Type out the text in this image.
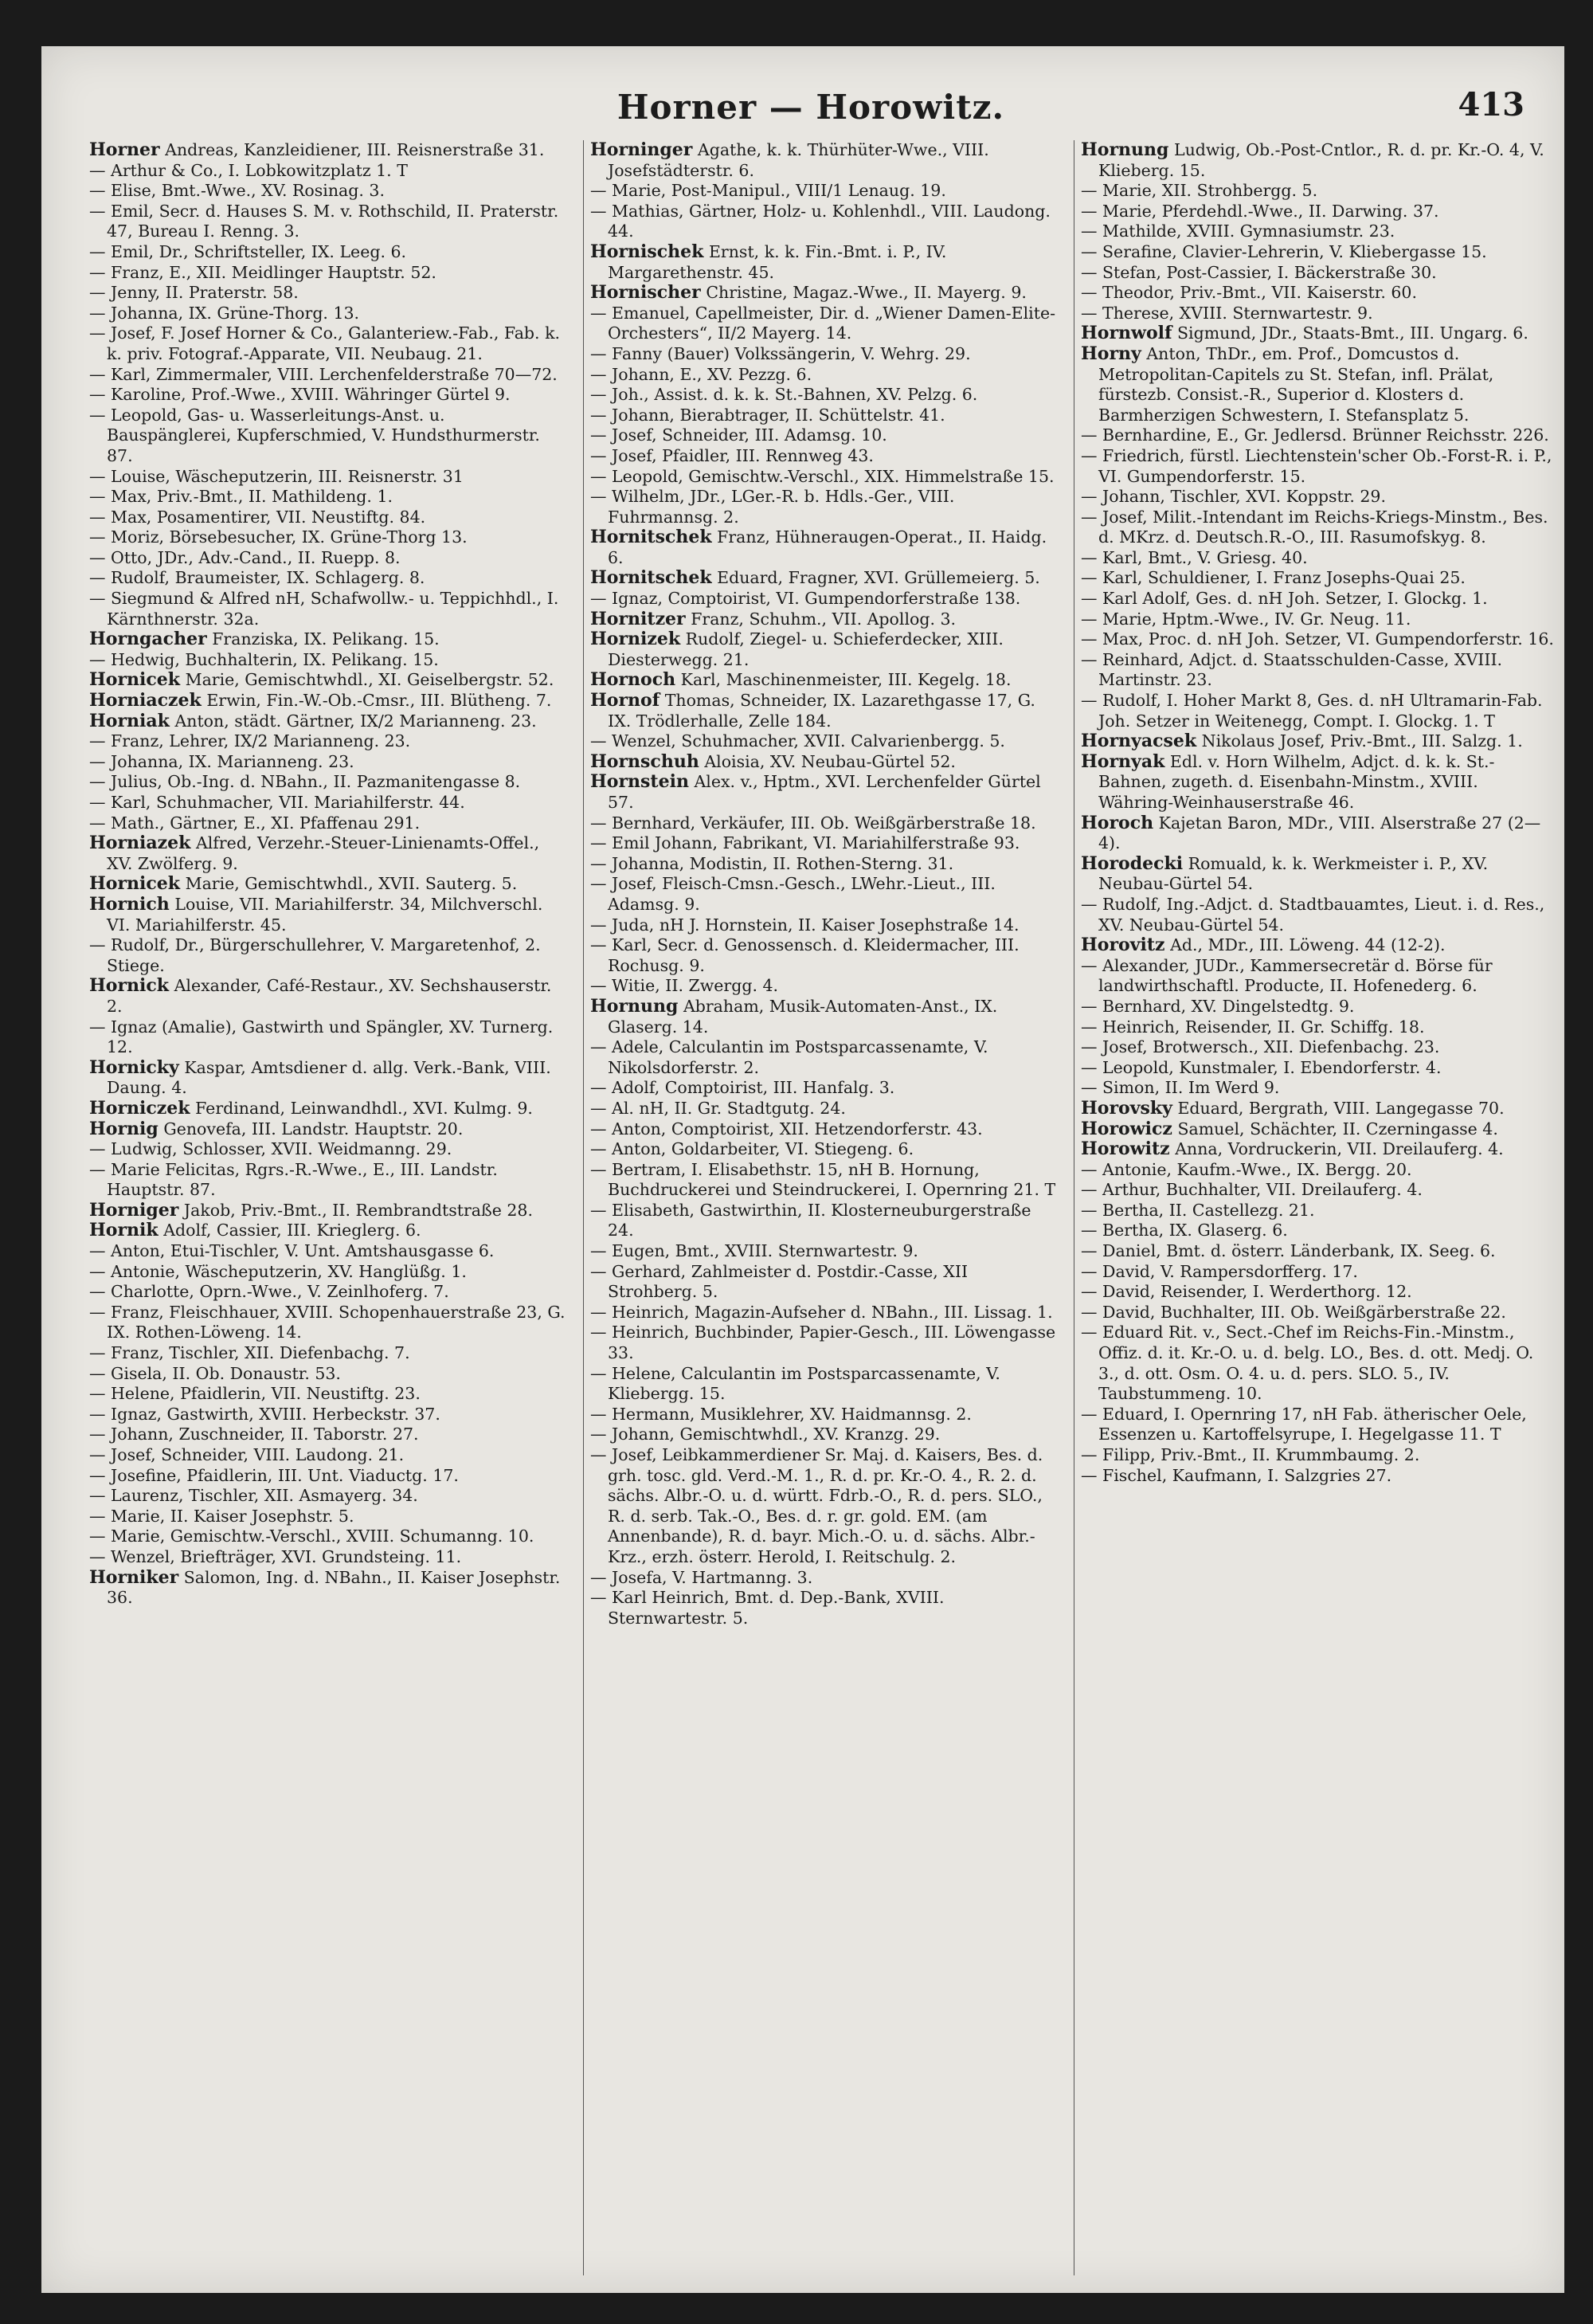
Horner — Horowitz.	413

Horner Andreas, Kanzleidiener, III. Reisnerstraße 31.

— Arthur & Co., I. Lobkowitzplatz 1. T

— Elise, Bmt.-Wwe., XV. Rosinag. 3.

— Emil, Secr. d. Hauses S. M. v. Rothschild, II. Praterstr. 47, Bureau I. Renng. 3.

— Emil, Dr., Schriftsteller, IX. Leeg. 6.

— Franz, E., XII. Meidlinger Hauptstr. 52.

— Jenny, II. Praterstr. 58.

— Johanna, IX. Grüne-Thorg. 13.

— Josef, F. Josef Horner & Co., Galanteriew.-Fab., Fab. k. k. priv. Fotograf.-Apparate, VII. Neubaug. 21.

— Karl, Zimmermaler, VIII. Lerchenfelderstraße 70—72.

— Karoline, Prof.-Wwe., XVIII. Währinger Gürtel 9.

— Leopold, Gas- u. Wasserleitungs-Anst. u. Bauspänglerei, Kupferschmied, V. Hundsthurmerstr. 87.

— Louise, Wäscheputzerin, III. Reisnerstr. 31

— Max, Priv.-Bmt., II. Mathildeng. 1.

— Max, Posamentirer, VII. Neustiftg. 84.

— Moriz, Börsebesucher, IX. Grüne-Thorg 13.

— Otto, JDr., Adv.-Cand., II. Ruepp. 8.

— Rudolf, Braumeister, IX. Schlagerg. 8.

— Siegmund & Alfred nH, Schafwollw.- u. Teppichhdl., I. Kärnthnerstr. 32a.

Horngacher Franziska, IX. Pelikang. 15.

— Hedwig, Buchhalterin, IX. Pelikang. 15.

Hornicek Marie, Gemischtwhdl., XI. Geiselbergstr. 52.

Horniaczek Erwin, Fin.-W.-Ob.-Cmsr., III. Blütheng. 7.

Horniak Anton, städt. Gärtner, IX/2 Marianneng. 23.

— Franz, Lehrer, IX/2 Marianneng. 23.

— Johanna, IX. Marianneng. 23.

— Julius, Ob.-Ing. d. NBahn., II. Pazmanitengasse 8.

— Karl, Schuhmacher, VII. Mariahilferstr. 44.

— Math., Gärtner, E., XI. Pfaffenau 291.

Horniazek Alfred, Verzehr.-Steuer-Linienamts-Offel., XV. Zwölferg. 9.

Hornicek Marie, Gemischtwhdl., XVII. Sauterg. 5.

Hornich Louise, VII. Mariahilferstr. 34, Milchverschl. VI. Mariahilferstr. 45.

— Rudolf, Dr., Bürgerschullehrer, V. Margaretenhof, 2. Stiege.

Hornick Alexander, Café-Restaur., XV. Sechshauserstr. 2.

— Ignaz (Amalie), Gastwirth und Spängler, XV. Turnerg. 12.

Hornicky Kaspar, Amtsdiener d. allg. Verk.-Bank, VIII. Daung. 4.

Horniczek Ferdinand, Leinwandhdl., XVI. Kulmg. 9.

Hornig Genovefa, III. Landstr. Hauptstr. 20.

— Ludwig, Schlosser, XVII. Weidmanng. 29.

— Marie Felicitas, Rgrs.-R.-Wwe., E., III. Landstr. Hauptstr. 87.

Horniger Jakob, Priv.-Bmt., II. Rembrandtstraße 28.

Hornik Adolf, Cassier, III. Krieglerg. 6.

— Anton, Etui-Tischler, V. Unt. Amtshausgasse 6.

— Antonie, Wäscheputzerin, XV. Hanglüßg. 1.

— Charlotte, Oprn.-Wwe., V. Zeinlhoferg. 7.

— Franz, Fleischhauer, XVIII. Schopenhauerstraße 23, G. IX. Rothen-Löweng. 14.

— Franz, Tischler, XII. Diefenbachg. 7.

— Gisela, II. Ob. Donaustr. 53.

— Helene, Pfaidlerin, VII. Neustiftg. 23.

— Ignaz, Gastwirth, XVIII. Herbeckstr. 37.

— Johann, Zuschneider, II. Taborstr. 27.

— Josef, Schneider, VIII. Laudong. 21.

— Josefine, Pfaidlerin, III. Unt. Viaductg. 17.

— Laurenz, Tischler, XII. Asmayerg. 34.

— Marie, II. Kaiser Josephstr. 5.

— Marie, Gemischtw.-Verschl., XVIII. Schumanng. 10.

— Wenzel, Briefträger, XVI. Grundsteing. 11.

Horniker Salomon, Ing. d. NBahn., II. Kaiser Josephstr. 36.

Horninger Agathe, k. k. Thürhüter-Wwe., VIII. Josefstädterstr. 6.

— Marie, Post-Manipul., VIII/1 Lenaug. 19.

— Mathias, Gärtner, Holz- u. Kohlenhdl., VIII. Laudong. 44.

Hornischek Ernst, k. k. Fin.-Bmt. i. P., IV. Margarethenstr. 45.

Hornischer Christine, Magaz.-Wwe., II. Mayerg. 9.

— Emanuel, Capellmeister, Dir. d. „Wiener Damen-Elite-Orchesters“, II/2 Mayerg. 14.

— Fanny (Bauer) Volkssängerin, V. Wehrg. 29.

— Johann, E., XV. Pezzg. 6.

— Joh., Assist. d. k. k. St.-Bahnen, XV. Pelzg. 6.

— Johann, Bierabtrager, II. Schüttelstr. 41.

— Josef, Schneider, III. Adamsg. 10.

— Josef, Pfaidler, III. Rennweg 43.

— Leopold, Gemischtw.-Verschl., XIX. Himmelstraße 15.

— Wilhelm, JDr., LGer.-R. b. Hdls.-Ger., VIII. Fuhrmannsg. 2.

Hornitschek Franz, Hühneraugen-Operat., II. Haidg. 6.

Hornitschek Eduard, Fragner, XVI. Grüllemeierg. 5.

— Ignaz, Comptoirist, VI. Gumpendorferstraße 138.

Hornitzer Franz, Schuhm., VII. Apollog. 3.

Hornizek Rudolf, Ziegel- u. Schieferdecker, XIII. Diesterwegg. 21.

Hornoch Karl, Maschinenmeister, III. Kegelg. 18.

Hornof Thomas, Schneider, IX. Lazarethgasse 17, G. IX. Trödlerhalle, Zelle 184.

— Wenzel, Schuhmacher, XVII. Calvarienbergg. 5.

Hornschuh Aloisia, XV. Neubau-Gürtel 52.

Hornstein Alex. v., Hptm., XVI. Lerchenfelder Gürtel 57.

— Bernhard, Verkäufer, III. Ob. Weißgärberstraße 18.

— Emil Johann, Fabrikant, VI. Mariahilferstraße 93.

— Johanna, Modistin, II. Rothen-Sterng. 31.

— Josef, Fleisch-Cmsn.-Gesch., LWehr.-Lieut., III. Adamsg. 9.

— Juda, nH J. Hornstein, II. Kaiser Josephstraße 14.

— Karl, Secr. d. Genossensch. d. Kleidermacher, III. Rochusg. 9.

— Witie, II. Zwergg. 4.

Hornung Abraham, Musik-Automaten-Anst., IX. Glaserg. 14.

— Adele, Calculantin im Postsparcassenamte, V. Nikolsdorferstr. 2.

— Adolf, Comptoirist, III. Hanfalg. 3.

— Al. nH, II. Gr. Stadtgutg. 24.

— Anton, Comptoirist, XII. Hetzendorferstr. 43.

— Anton, Goldarbeiter, VI. Stiegeng. 6.

— Bertram, I. Elisabethstr. 15, nH B. Hornung, Buchdruckerei und Steindruckerei, I. Opernring 21. T

— Elisabeth, Gastwirthin, II. Klosterneuburgerstraße 24.

— Eugen, Bmt., XVIII. Sternwartestr. 9.

— Gerhard, Zahlmeister d. Postdir.-Casse, XII Strohberg. 5.

— Heinrich, Magazin-Aufseher d. NBahn., III. Lissag. 1.

— Heinrich, Buchbinder, Papier-Gesch., III. Löwengasse 33.

— Helene, Calculantin im Postsparcassenamte, V. Kliebergg. 15.

— Hermann, Musiklehrer, XV. Haidmannsg. 2.

— Johann, Gemischtwhdl., XV. Kranzg. 29.

— Josef, Leibkammerdiener Sr. Maj. d. Kaisers, Bes. d. grh. tosc. gld. Verd.-M. 1., R. d. pr. Kr.-O. 4., R. 2. d. sächs. Albr.-O. u. d. württ. Fdrb.-O., R. d. pers. SLO., R. d. serb. Tak.-O., Bes. d. r. gr. gold. EM. (am Annenbande), R. d. bayr. Mich.-O. u. d. sächs. Albr.-Krz., erzh. österr. Herold, I. Reitschulg. 2.

— Josefa, V. Hartmanng. 3.

— Karl Heinrich, Bmt. d. Dep.-Bank, XVIII. Sternwartestr. 5.

Hornung Ludwig, Ob.-Post-Cntlor., R. d. pr. Kr.-O. 4, V. Klieberg. 15.

— Marie, XII. Strohbergg. 5.

— Marie, Pferdehdl.-Wwe., II. Darwing. 37.

— Mathilde, XVIII. Gymnasiumstr. 23.

— Serafine, Clavier-Lehrerin, V. Kliebergasse 15.

— Stefan, Post-Cassier, I. Bäckerstraße 30.

— Theodor, Priv.-Bmt., VII. Kaiserstr. 60.

— Therese, XVIII. Sternwartestr. 9.

Hornwolf Sigmund, JDr., Staats-Bmt., III. Ungarg. 6.

Horny Anton, ThDr., em. Prof., Domcustos d. Metropolitan-Capitels zu St. Stefan, infl. Prälat, fürstezb. Consist.-R., Superior d. Klosters d. Barmherzigen Schwestern, I. Stefansplatz 5.

— Bernhardine, E., Gr. Jedlersd. Brünner Reichsstr. 226.

— Friedrich, fürstl. Liechtenstein'scher Ob.-Forst-R. i. P., VI. Gumpendorferstr. 15.

— Johann, Tischler, XVI. Koppstr. 29.

— Josef, Milit.-Intendant im Reichs-Kriegs-Minstm., Bes. d. MKrz. d. Deutsch.R.-O., III. Rasumofskyg. 8.

— Karl, Bmt., V. Griesg. 40.

— Karl, Schuldiener, I. Franz Josephs-Quai 25.

— Karl Adolf, Ges. d. nH Joh. Setzer, I. Glockg. 1.

— Marie, Hptm.-Wwe., IV. Gr. Neug. 11.

— Max, Proc. d. nH Joh. Setzer, VI. Gumpendorferstr. 16.

— Reinhard, Adjct. d. Staatsschulden-Casse, XVIII. Martinstr. 23.

— Rudolf, I. Hoher Markt 8, Ges. d. nH Ultramarin-Fab. Joh. Setzer in Weitenegg, Compt. I. Glockg. 1. T

Hornyacsek Nikolaus Josef, Priv.-Bmt., III. Salzg. 1.

Hornyak Edl. v. Horn Wilhelm, Adjct. d. k. k. St.-Bahnen, zugeth. d. Eisenbahn-Minstm., XVIII. Währing-Weinhauserstraße 46.

Horoch Kajetan Baron, MDr., VIII. Alserstraße 27 (2—4).

Horodecki Romuald, k. k. Werkmeister i. P., XV. Neubau-Gürtel 54.

— Rudolf, Ing.-Adjct. d. Stadtbauamtes, Lieut. i. d. Res., XV. Neubau-Gürtel 54.

Horovitz Ad., MDr., III. Löweng. 44 (12-2).

— Alexander, JUDr., Kammersecretär d. Börse für landwirthschaftl. Producte, II. Hofenederg. 6.

— Bernhard, XV. Dingelstedtg. 9.

— Heinrich, Reisender, II. Gr. Schiffg. 18.

— Josef, Brotwersch., XII. Diefenbachg. 23.

— Leopold, Kunstmaler, I. Ebendorferstr. 4.

— Simon, II. Im Werd 9.

Horovsky Eduard, Bergrath, VIII. Langegasse 70.

Horowicz Samuel, Schächter, II. Czerningasse 4.

Horowitz Anna, Vordruckerin, VII. Dreilauferg. 4.

— Antonie, Kaufm.-Wwe., IX. Bergg. 20.

— Arthur, Buchhalter, VII. Dreilauferg. 4.

— Bertha, II. Castellezg. 21.

— Bertha, IX. Glaserg. 6.

— Daniel, Bmt. d. österr. Länderbank, IX. Seeg. 6.

— David, V. Rampersdorfferg. 17.

— David, Reisender, I. Werderthorg. 12.

— David, Buchhalter, III. Ob. Weißgärberstraße 22.

— Eduard Rit. v., Sect.-Chef im Reichs-Fin.-Minstm., Offiz. d. it. Kr.-O. u. d. belg. LO., Bes. d. ott. Medj. O. 3., d. ott. Osm. O. 4. u. d. pers. SLO. 5., IV. Taubstummeng. 10.

— Eduard, I. Opernring 17, nH Fab. ätherischer Oele, Essenzen u. Kartoffelsyrupe, I. Hegelgasse 11. T

— Filipp, Priv.-Bmt., II. Krummbaumg. 2.

— Fischel, Kaufmann, I. Salzgries 27.
